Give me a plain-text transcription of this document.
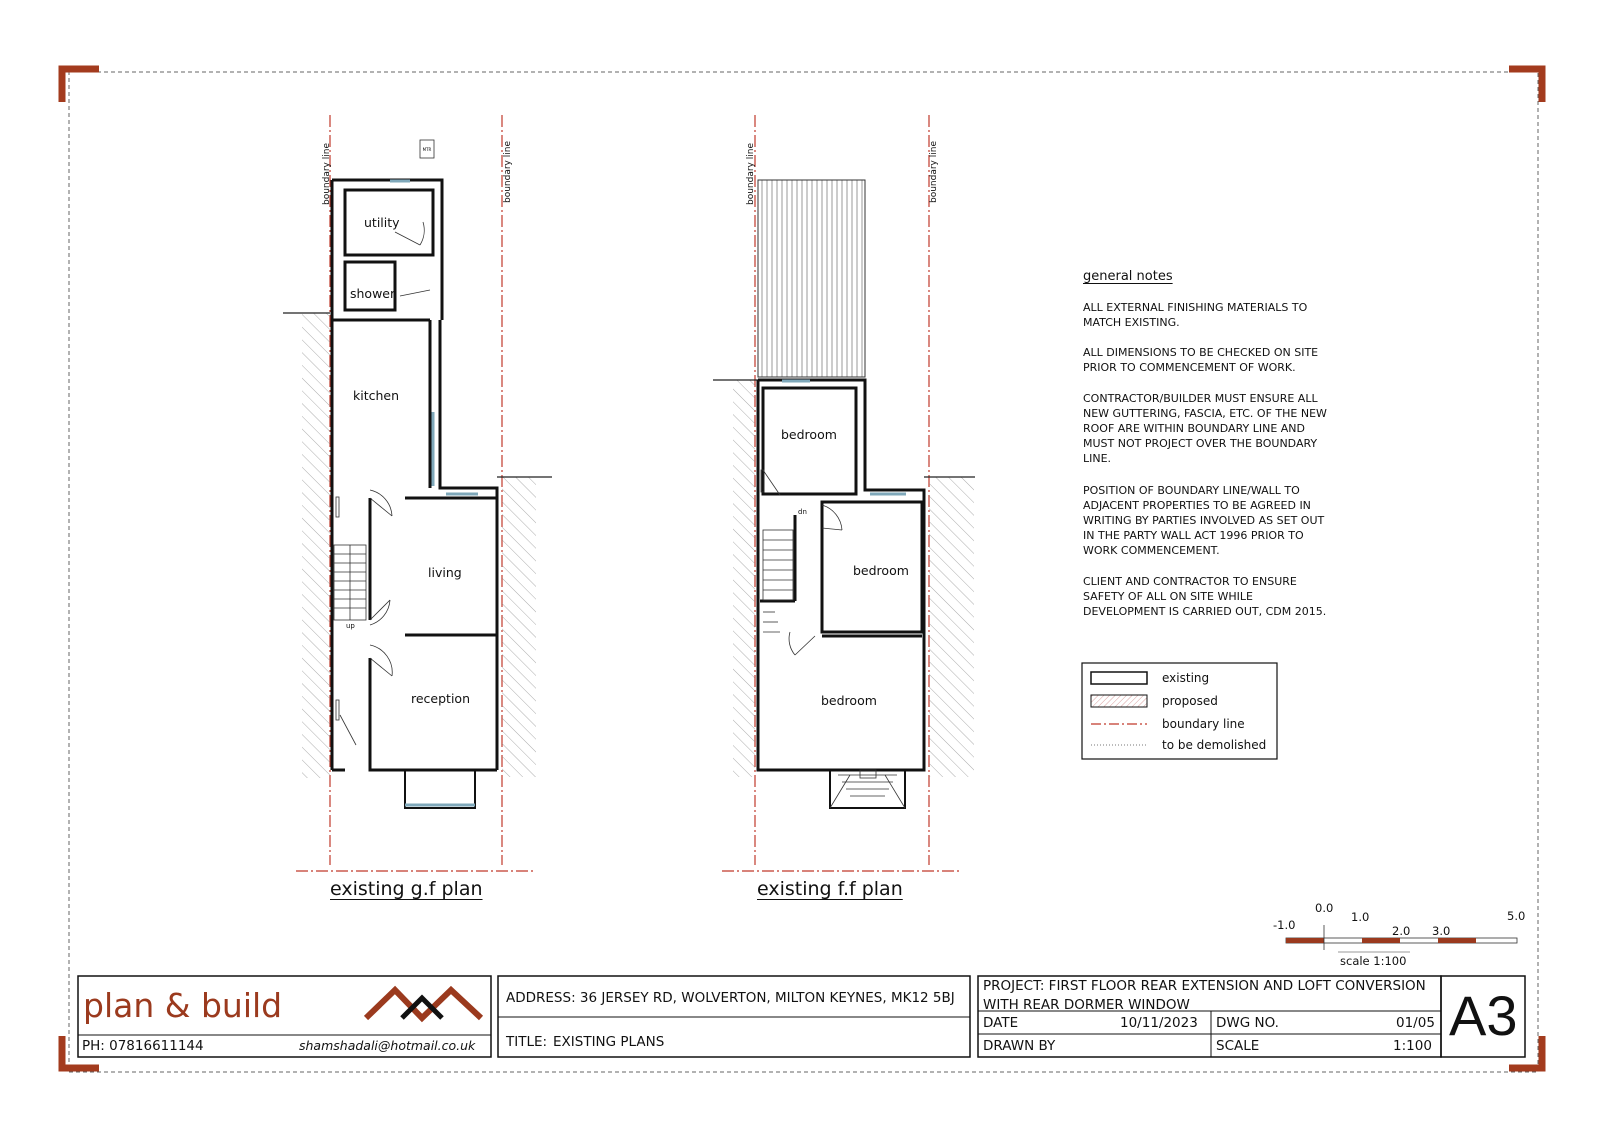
MTR
boundary line	boundary line	boundary line	boundary line
utility
shower
kitchen
living
reception
up
existing g.f plan
bedroom
bedroom
bedroom
dn
existing f.f plan
general notes
ALL EXTERNAL FINISHING MATERIALS TO MATCH EXISTING.
ALL DIMENSIONS TO BE CHECKED ON SITE PRIOR TO COMMENCEMENT OF WORK.
CONTRACTOR/BUILDER MUST ENSURE ALL NEW GUTTERING, FASCIA, ETC. OF THE NEW ROOF ARE WITHIN BOUNDARY LINE AND MUST NOT PROJECT OVER THE BOUNDARY LINE.
POSITION OF BOUNDARY LINE/WALL TO ADJACENT PROPERTIES TO BE AGREED IN WRITING BY PARTIES INVOLVED AS SET OUT IN THE PARTY WALL ACT 1996 PRIOR TO WORK COMMENCEMENT.
CLIENT AND CONTRACTOR TO ENSURE SAFETY OF ALL ON SITE WHILE DEVELOPMENT IS CARRIED OUT, CDM 2015.
existing
proposed
boundary line
to be demolished
-1.0
0.0
1.0
2.0 3.0
5.0
scale 1:100
plan & build
PH: 07816611144	shamshadali@hotmail.co.uk
ADDRESS: 36 JERSEY RD, WOLVERTON, MILTON KEYNES, MK12 5BJ
TITLE: EXISTING PLANS
PROJECT: FIRST FLOOR REAR EXTENSION AND LOFT CONVERSION
WITH REAR DORMER WINDOW
DATE	10/11/2023 DWG NO.	01/05
DRAWN BY	SCALE	1:100 A3
